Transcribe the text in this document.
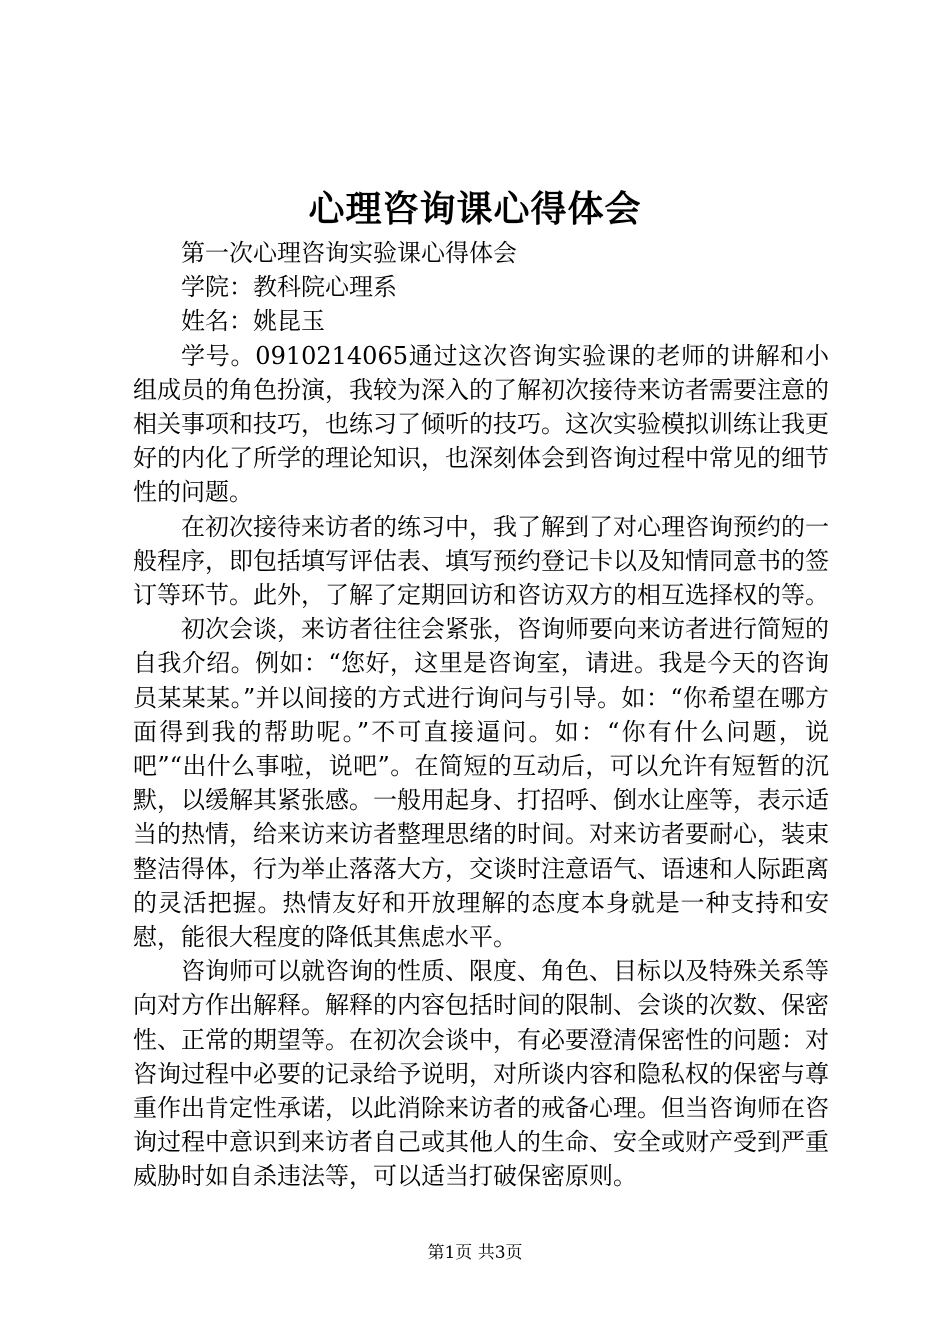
心理咨询课心得体会

第一次心理咨询实验课心得体会

学院：教科院心理系

姓名：姚昆玉

学号。0910214065通过这次咨询实验课的老师的讲解和小组成员的角色扮演，我较为深入的了解初次接待来访者需要注意的相关事项和技巧，也练习了倾听的技巧。这次实验模拟训练让我更好的内化了所学的理论知识，也深刻体会到咨询过程中常见的细节性的问题。

在初次接待来访者的练习中，我了解到了对心理咨询预约的一般程序，即包括填写评估表、填写预约登记卡以及知情同意书的签订等环节。此外，了解了定期回访和咨访双方的相互选择权的等。

初次会谈，来访者往往会紧张，咨询师要向来访者进行简短的自我介绍。例如：“您好，这里是咨询室，请进。我是今天的咨询员某某某。”并以间接的方式进行询问与引导。如：“你希望在哪方面得到我的帮助呢。”不可直接逼问。如：“你有什么问题，说吧”“出什么事啦，说吧”。在简短的互动后，可以允许有短暂的沉默，以缓解其紧张感。一般用起身、打招呼、倒水让座等，表示适当的热情，给来访来访者整理思绪的时间。对来访者要耐心，装束整洁得体，行为举止落落大方，交谈时注意语气、语速和人际距离的灵活把握。热情友好和开放理解的态度本身就是一种支持和安慰，能很大程度的降低其焦虑水平。

咨询师可以就咨询的性质、限度、角色、目标以及特殊关系等向对方作出解释。解释的内容包括时间的限制、会谈的次数、保密性、正常的期望等。在初次会谈中，有必要澄清保密性的问题：对咨询过程中必要的记录给予说明，对所谈内容和隐私权的保密与尊重作出肯定性承诺，以此消除来访者的戒备心理。但当咨询师在咨询过程中意识到来访者自己或其他人的生命、安全或财产受到严重威胁时如自杀违法等，可以适当打破保密原则。

第1页 共3页
